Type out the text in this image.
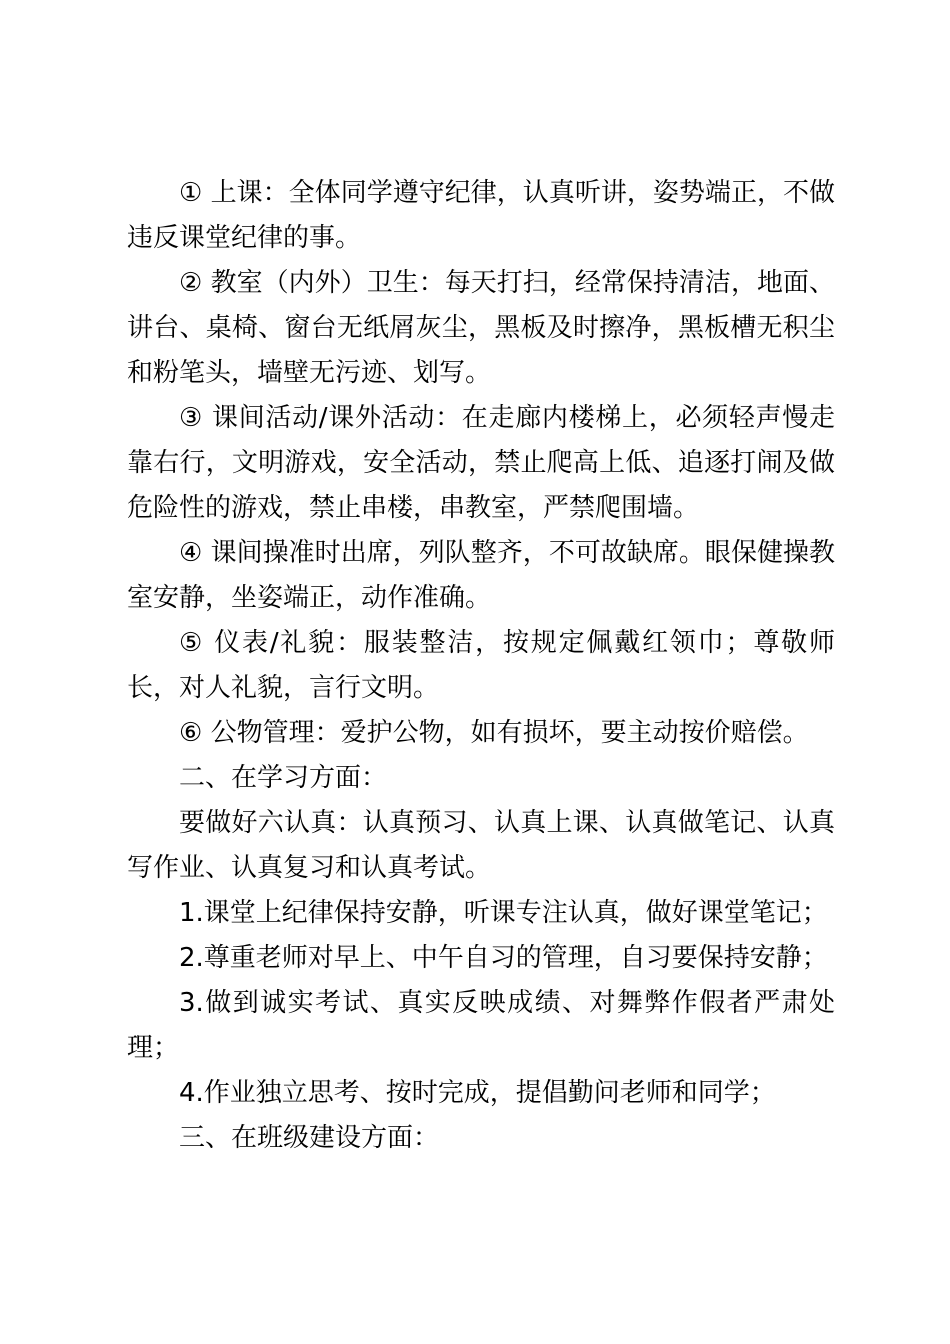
① 上课：全体同学遵守纪律，认真听讲，姿势端正，不做违反课堂纪律的事。

② 教室（内外）卫生：每天打扫，经常保持清洁，地面、讲台、桌椅、窗台无纸屑灰尘，黑板及时擦净，黑板槽无积尘和粉笔头，墙壁无污迹、划写。

③ 课间活动/课外活动：在走廊内楼梯上，必须轻声慢走靠右行，文明游戏，安全活动，禁止爬高上低、追逐打闹及做危险性的游戏，禁止串楼，串教室，严禁爬围墙。

④ 课间操准时出席，列队整齐，不可故缺席。眼保健操教室安静，坐姿端正，动作准确。

⑤ 仪表/礼貌：服装整洁，按规定佩戴红领巾；尊敬师长，对人礼貌，言行文明。

⑥ 公物管理：爱护公物，如有损坏，要主动按价赔偿。

二、在学习方面：

要做好六认真：认真预习、认真上课、认真做笔记、认真写作业、认真复习和认真考试。

1.课堂上纪律保持安静，听课专注认真，做好课堂笔记；

2.尊重老师对早上、中午自习的管理，自习要保持安静；

3.做到诚实考试、真实反映成绩、对舞弊作假者严肃处理；

4.作业独立思考、按时完成，提倡勤问老师和同学；

三、在班级建设方面：
